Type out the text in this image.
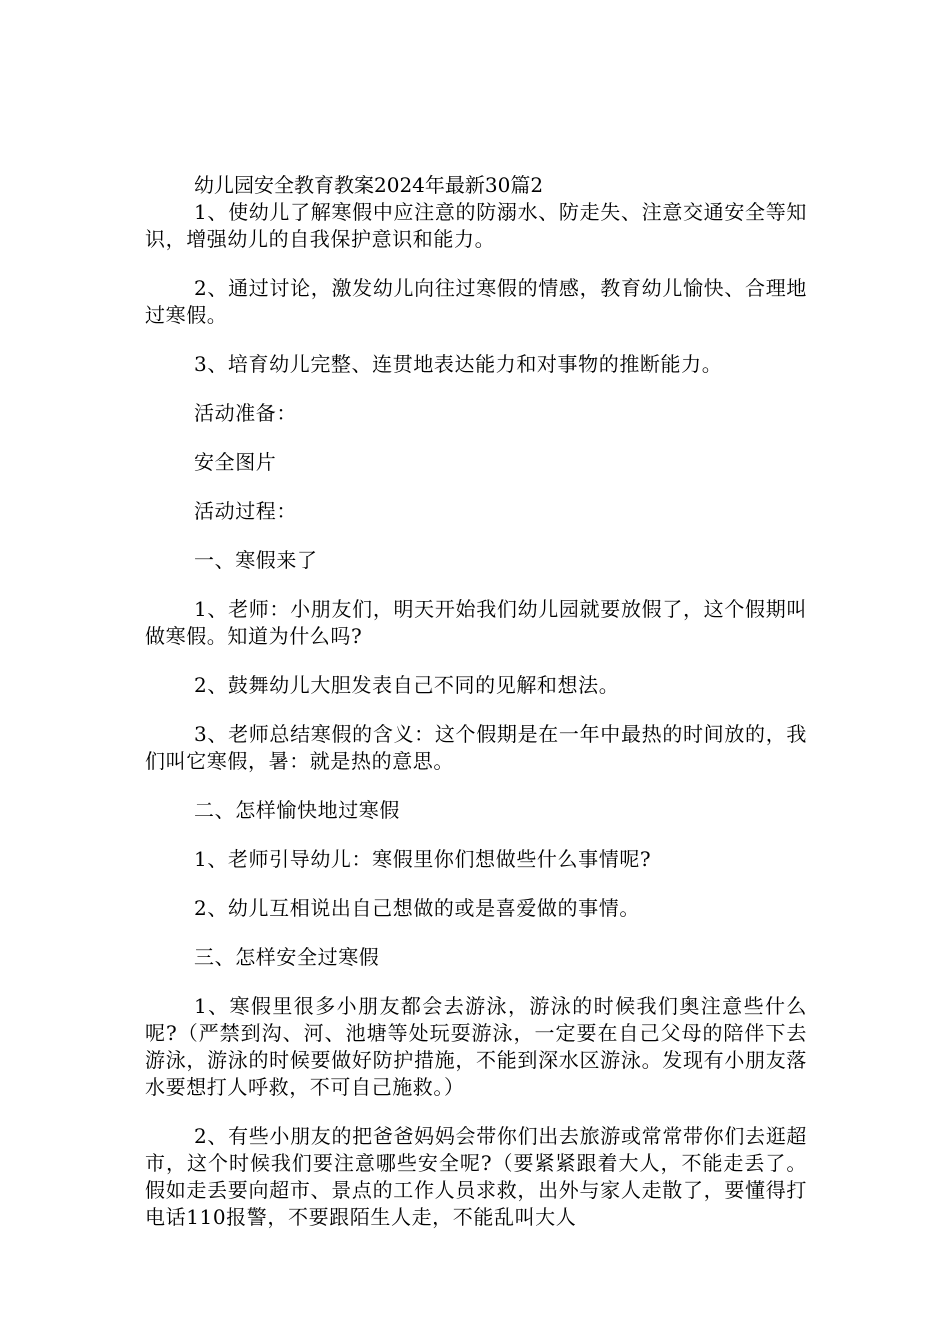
幼儿园安全教育教案2024年最新30篇2

1、使幼儿了解寒假中应注意的防溺水、防走失、注意交通安全等知识，增强幼儿的自我保护意识和能力。

2、通过讨论，激发幼儿向往过寒假的情感，教育幼儿愉快、合理地过寒假。

3、培育幼儿完整、连贯地表达能力和对事物的推断能力。

活动准备：

安全图片

活动过程：

一、寒假来了

1、老师：小朋友们，明天开始我们幼儿园就要放假了，这个假期叫做寒假。知道为什么吗?

2、鼓舞幼儿大胆发表自己不同的见解和想法。

3、老师总结寒假的含义：这个假期是在一年中最热的时间放的，我们叫它寒假，暑：就是热的意思。

二、怎样愉快地过寒假

1、老师引导幼儿：寒假里你们想做些什么事情呢?

2、幼儿互相说出自己想做的或是喜爱做的事情。

三、怎样安全过寒假

1、寒假里很多小朋友都会去游泳，游泳的时候我们奥注意些什么呢?（严禁到沟、河、池塘等处玩耍游泳，一定要在自己父母的陪伴下去游泳，游泳的时候要做好防护措施，不能到深水区游泳。发现有小朋友落水要想打人呼救，不可自己施救。）

2、有些小朋友的把爸爸妈妈会带你们出去旅游或常常带你们去逛超市，这个时候我们要注意哪些安全呢?（要紧紧跟着大人，不能走丢了。假如走丢要向超市、景点的工作人员求救，出外与家人走散了，要懂得打电话110报警，不要跟陌生人走，不能乱叫大人
